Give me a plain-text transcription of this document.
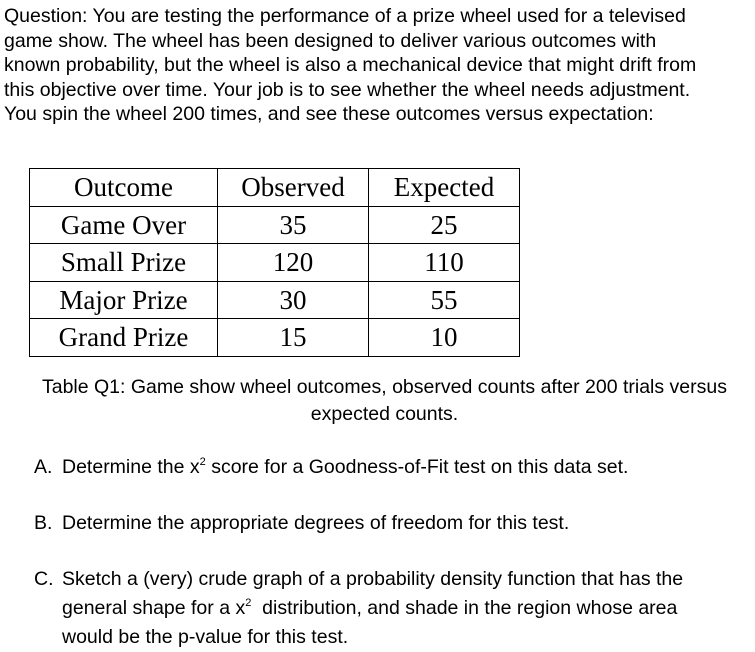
Question: You are testing the performance of a prize wheel used for a televised
game show. The wheel has been designed to deliver various outcomes with
known probability, but the wheel is also a mechanical device that might drift from
this objective over time. Your job is to see whether the wheel needs adjustment.
You spin the wheel 200 times, and see these outcomes versus expectation:
Outcome	Observed	Expected
Game Over	35	25
Small Prize	120	110
Major Prize	30	55
Grand Prize	15	10
Table Q1: Game show wheel outcomes, observed counts after 200 trials versus
expected counts.
A. Determine the $x^2$ score for a Goodness-of-Fit test on this data set.
B. Determine the appropriate degrees of freedom for this test.
C. Sketch a (very) crude graph of a probability density function that has the
general shape for a $x^2$  distribution, and shade in the region whose area
would be the p-value for this test.
